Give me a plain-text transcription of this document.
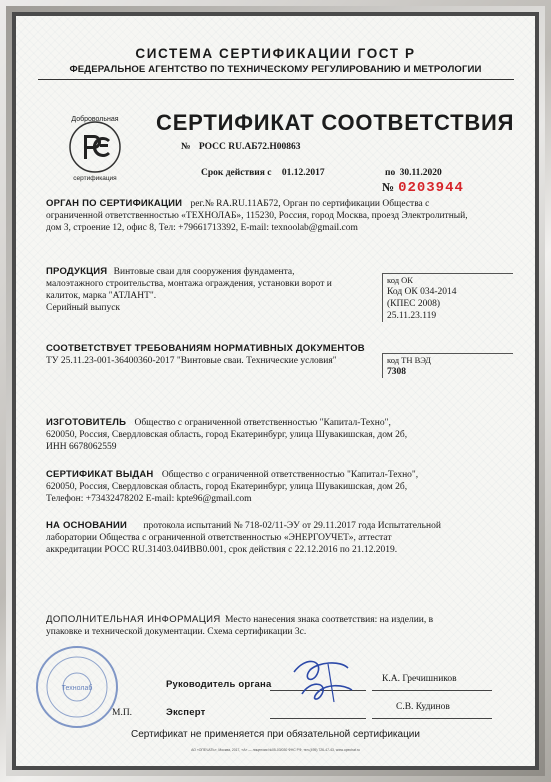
СИСТЕМА СЕРТИФИКАЦИИ ГОСТ Р
ФЕДЕРАЛЬНОЕ АГЕНТСТВО ПО ТЕХНИЧЕСКОМУ РЕГУЛИРОВАНИЮ И МЕТРОЛОГИИ
Добровольная
сертификация
СЕРТИФИКАТ СООТВЕТСТВИЯ
№ РОСС RU.АБ72.Н00863
Срок действия с 01.12.2017	по 30.11.2020
№ 0203944
ОРГАН ПО СЕРТИФИКАЦИИ рег.№ RA.RU.11АБ72, Орган по сертификации Общества с
ограниченной ответственностью «ТЕХНОЛАБ», 115230, Россия, город Москва, проезд Электролитный,
дом 3, строение 12, офис 8, Тел: +79661713392, E-mail: texnoolab@gmail.com
ПРОДУКЦИЯ Винтовые сваи для сооружения фундамента,
малоэтажного строительства, монтажа ограждения, установки ворот и
калиток, марка "АТЛАНТ".
Серийный выпуск
код ОК
Код ОК 034-2014
(КПЕС 2008)
25.11.23.119
СООТВЕТСТВУЕТ ТРЕБОВАНИЯМ НОРМАТИВНЫХ ДОКУМЕНТОВ
ТУ 25.11.23-001-36400360-2017 "Винтовые сваи. Технические условия"	код ТН ВЭД
7308
ИЗГОТОВИТЕЛЬ Общество с ограниченной ответственностью "Капитал-Техно",
620050, Россия, Свердловская область, город Екатеринбург, улица Шувакишская, дом 2б,
ИНН 6678062559
СЕРТИФИКАТ ВЫДАН Общество с ограниченной ответственностью "Капитал-Техно",
620050, Россия, Свердловская область, город Екатеринбург, улица Шувакишская, дом 2б,
Телефон: +73432478202 E-mail: kpte96@gmail.com
НА ОСНОВАНИИ протокола испытаний № 718-02/11-ЭУ от 29.11.2017 года Испытательной
лаборатории Общества с ограниченной ответственностью «ЭНЕРГОУЧЕТ», аттестат
аккредитации РОСС RU.31403.04ИВВ0.001, срок действия с 22.12.2016 по 21.12.2019.
ДОПОЛНИТЕЛЬНАЯ ИНФОРМАЦИЯ Место нанесения знака соответствия: на изделии, в
упаковке и технической документации. Схема сертификации 3с.
Технолаб
М.П.
Руководитель органа
Эксперт
К.А. Гречишников
С.В. Кудинов
Сертификат не применяется при обязательной сертификации
АО «ОПЕЧАТЬ», Москва, 2017, «А» — лицензия №05-03/030 ФНС РФ, тел.(495) 726-47-43, www.opechat.ru
